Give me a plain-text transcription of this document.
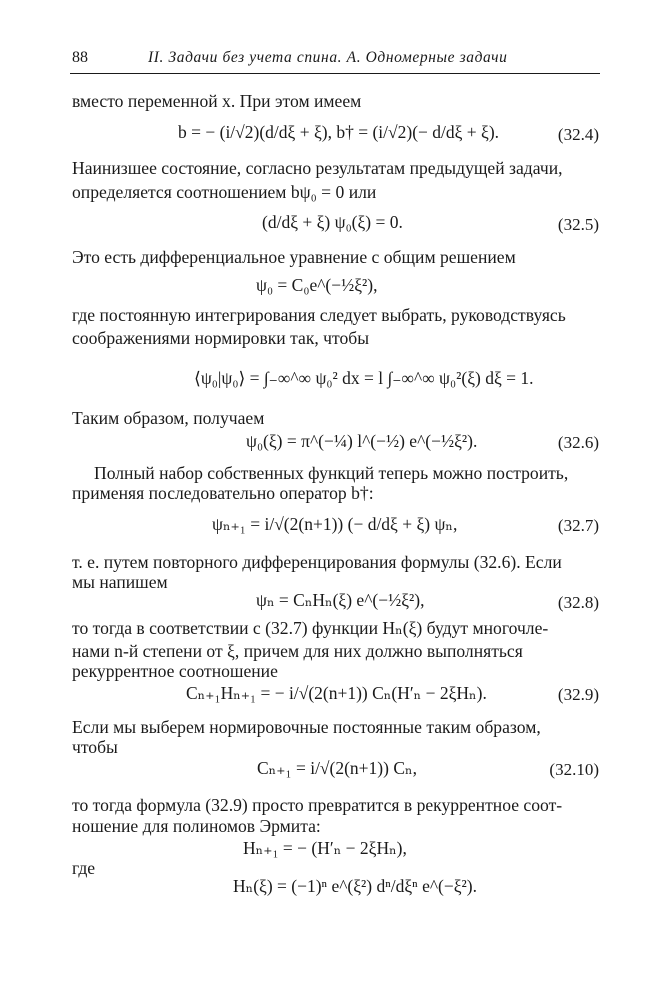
88	II. Задачи без учета спина. А. Одномерные задачи
вместо переменной x. При этом имеем
b = − (i/√2)(d/dξ + ξ), b† = (i/√2)(− d/dξ + ξ).	(32.4)
Наинизшее состояние, согласно результатам предыдущей задачи,
определяется соотношением bψ₀ = 0 или
(d/dξ + ξ) ψ₀(ξ) = 0.	(32.5)
Это есть дифференциальное уравнение с общим решением
ψ₀ = C₀e^(−½ξ²),
где постоянную интегрирования следует выбрать, руководствуясь
соображениями нормировки так, чтобы
⟨ψ₀|ψ₀⟩ = ∫₋∞^∞ ψ₀² dx = l ∫₋∞^∞ ψ₀²(ξ) dξ = 1.
Таким образом, получаем
ψ₀(ξ) = π^(−¼) l^(−½) e^(−½ξ²).	(32.6)
Полный набор собственных функций теперь можно построить,
применяя последовательно оператор b†:
ψₙ₊₁ = i/√(2(n+1)) (− d/dξ + ξ) ψₙ,	(32.7)
т. е. путем повторного дифференцирования формулы (32.6). Если
мы напишем
ψₙ = CₙHₙ(ξ) e^(−½ξ²),	(32.8)
то тогда в соответствии с (32.7) функции Hₙ(ξ) будут многочле-
нами n-й степени от ξ, причем для них должно выполняться
рекуррентное соотношение
Cₙ₊₁Hₙ₊₁ = − i/√(2(n+1)) Cₙ(H′ₙ − 2ξHₙ).	(32.9)
Если мы выберем нормировочные постоянные таким образом,
чтобы
Cₙ₊₁ = i/√(2(n+1)) Cₙ,	(32.10)
то тогда формула (32.9) просто превратится в рекуррентное соот-
ношение для полиномов Эрмита:
Hₙ₊₁ = − (H′ₙ − 2ξHₙ),
где
Hₙ(ξ) = (−1)ⁿ e^(ξ²) dⁿ/dξⁿ e^(−ξ²).
